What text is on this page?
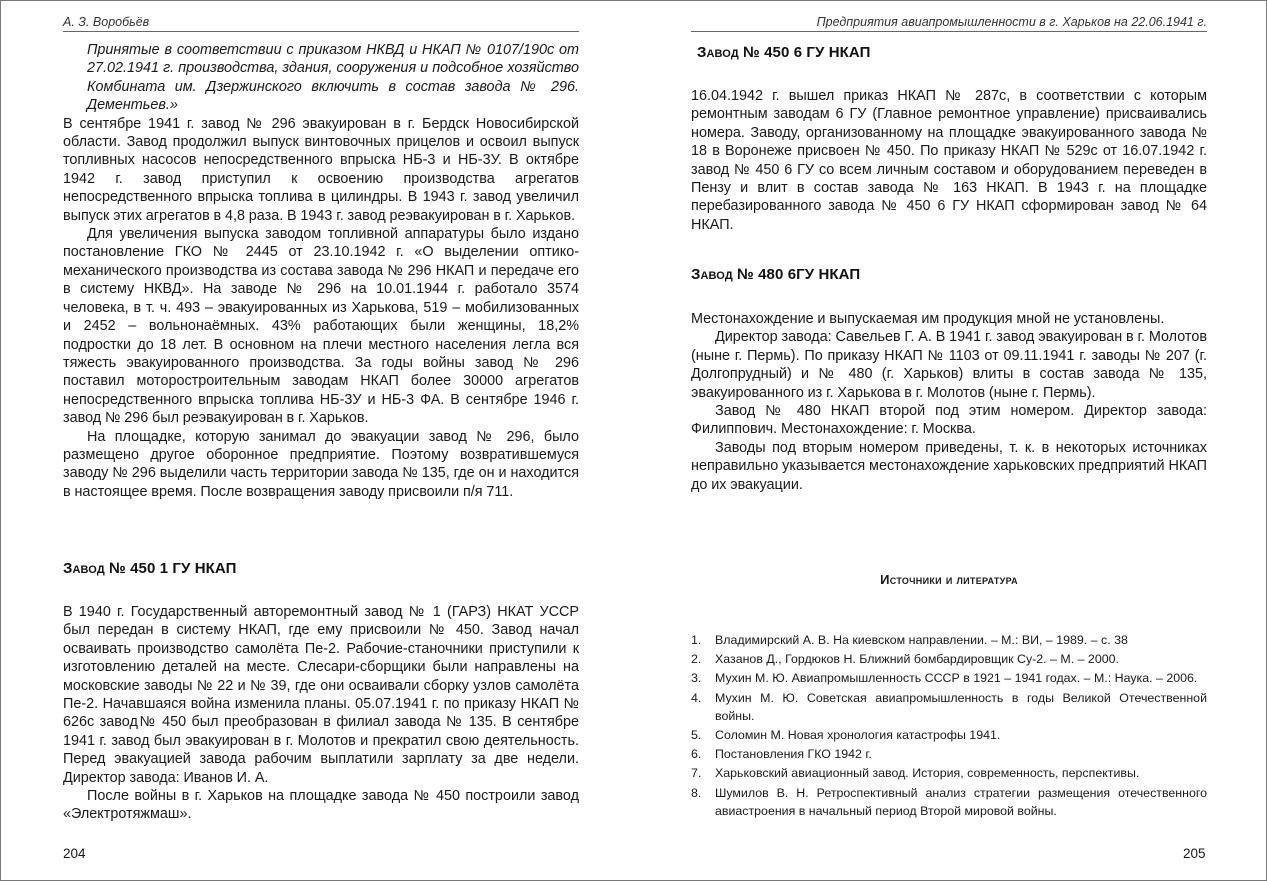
А. З. Воробьёв

Принятые в соответствии с приказом НКВД и НКАП № 0107/190с от 27.02.1941 г. производства, здания, сооружения и подсобное хозяйство Комбината им. Дзержинского включить в состав завода № 296. Дементьев.»

В сентябре 1941 г. завод № 296 эвакуирован в г. Бердск Новосибирской области. Завод продолжил выпуск винтовочных прицелов и освоил выпуск топливных насосов непосредственного впрыска НБ-3 и НБ-3У. В октябре 1942 г. завод приступил к освоению производства агрегатов непосредственного впрыска топлива в цилиндры. В 1943 г. завод увеличил выпуск этих агрегатов в 4,8 раза. В 1943 г. завод реэвакуирован в г. Харьков.

Для увеличения выпуска заводом топливной аппаратуры было издано постановление ГКО № 2445 от 23.10.1942 г. «О выделении оптико-механического производства из состава завода № 296 НКАП и передаче его в систему НКВД». На заводе № 296 на 10.01.1944 г. работало 3574 человека, в т. ч. 493 – эвакуированных из Харькова, 519 – мобилизованных и 2452 – вольнонаёмных. 43% работающих были женщины, 18,2% подростки до 18 лет. В основном на плечи местного населения легла вся тяжесть эвакуированного производства. За годы войны завод № 296 поставил моторостроительным заводам НКАП более 30000 агрегатов непосредственного впрыска топлива НБ-3У и НБ-3 ФА. В сентябре 1946 г. завод № 296 был реэвакуирован в г. Харьков.

На площадке, которую занимал до эвакуации завод № 296, было размещено другое оборонное предприятие. Поэтому возвратившемуся заводу № 296 выделили часть территории завода № 135, где он и находится в настоящее время. После возвращения заводу присвоили п/я 711.

Завод № 450 1 ГУ НКАП

В 1940 г. Государственный авторемонтный завод № 1 (ГАРЗ) НКАТ УССР был передан в систему НКАП, где ему присвоили № 450. Завод начал осваивать производство самолёта Пе-2. Рабочие-станочники приступили к изготовлению деталей на месте. Слесари-сборщики были направлены на московские заводы № 22 и № 39, где они осваивали сборку узлов самолёта Пе-2. Начавшаяся война изменила планы. 05.07.1941 г. по приказу НКАП № 626с завод№ 450 был преобразован в филиал завода № 135. В сентябре 1941 г. завод был эвакуирован в г. Молотов и прекратил свою деятельность. Перед эвакуацией завода рабочим выплатили зарплату за две недели. Директор завода: Иванов И. А.

После войны в г. Харьков на площадке завода № 450 построили завод «Электротяжмаш».

204
Предприятия авиапромышленности в г. Харьков на 22.06.1941 г.
Завод № 450 6 ГУ НКАП

16.04.1942 г. вышел приказ НКАП № 287с, в соответствии с которым ремонтным заводам 6 ГУ (Главное ремонтное управление) присваивались номера. Заводу, организованному на площадке эвакуированного завода № 18 в Воронеже присвоен № 450. По приказу НКАП № 529с от 16.07.1942 г. завод № 450 6 ГУ со всем личным составом и оборудованием переведен в Пензу и влит в состав завода № 163 НКАП. В 1943 г. на площадке перебазированного завода № 450 6 ГУ НКАП сформирован завод № 64 НКАП.

Завод № 480 6ГУ НКАП

Местонахождение и выпускаемая им продукция мной не установлены.

Директор завода: Савельев Г. А. В 1941 г. завод эвакуирован в г. Молотов (ныне г. Пермь). По приказу НКАП № 1103 от 09.11.1941 г. заводы № 207 (г. Долгопрудный) и № 480 (г. Харьков) влиты в состав завода № 135, эвакуированного из г. Харькова в г. Молотов (ныне г. Пермь).

Завод № 480 НКАП второй под этим номером. Директор завода: Филиппович. Местонахождение: г. Москва.

Заводы под вторым номером приведены, т. к. в некоторых источниках неправильно указывается местонахождение харьковских предприятий НКАП до их эвакуации.

Источники и литература
1. Владимирский А. В. На киевском направлении. – М.: ВИ, – 1989. – с. 38
2. Хазанов Д., Гордюков Н. Ближний бомбардировщик Су-2. – М. – 2000.
3. Мухин М. Ю. Авиапромышленность СССР в 1921 – 1941 годах. – М.: Наука. – 2006.
4. Мухин М. Ю. Советская авиапромышленность в годы Великой Отечественной войны.
5. Соломин М. Новая хронология катастрофы 1941.
6. Постановления ГКО 1942 г.
7. Харьковский авиационный завод. История, современность, перспективы.
8. Шумилов В. Н. Ретроспективный анализ стратегии размещения отечественного авиастроения в начальный период Второй мировой войны.
205
